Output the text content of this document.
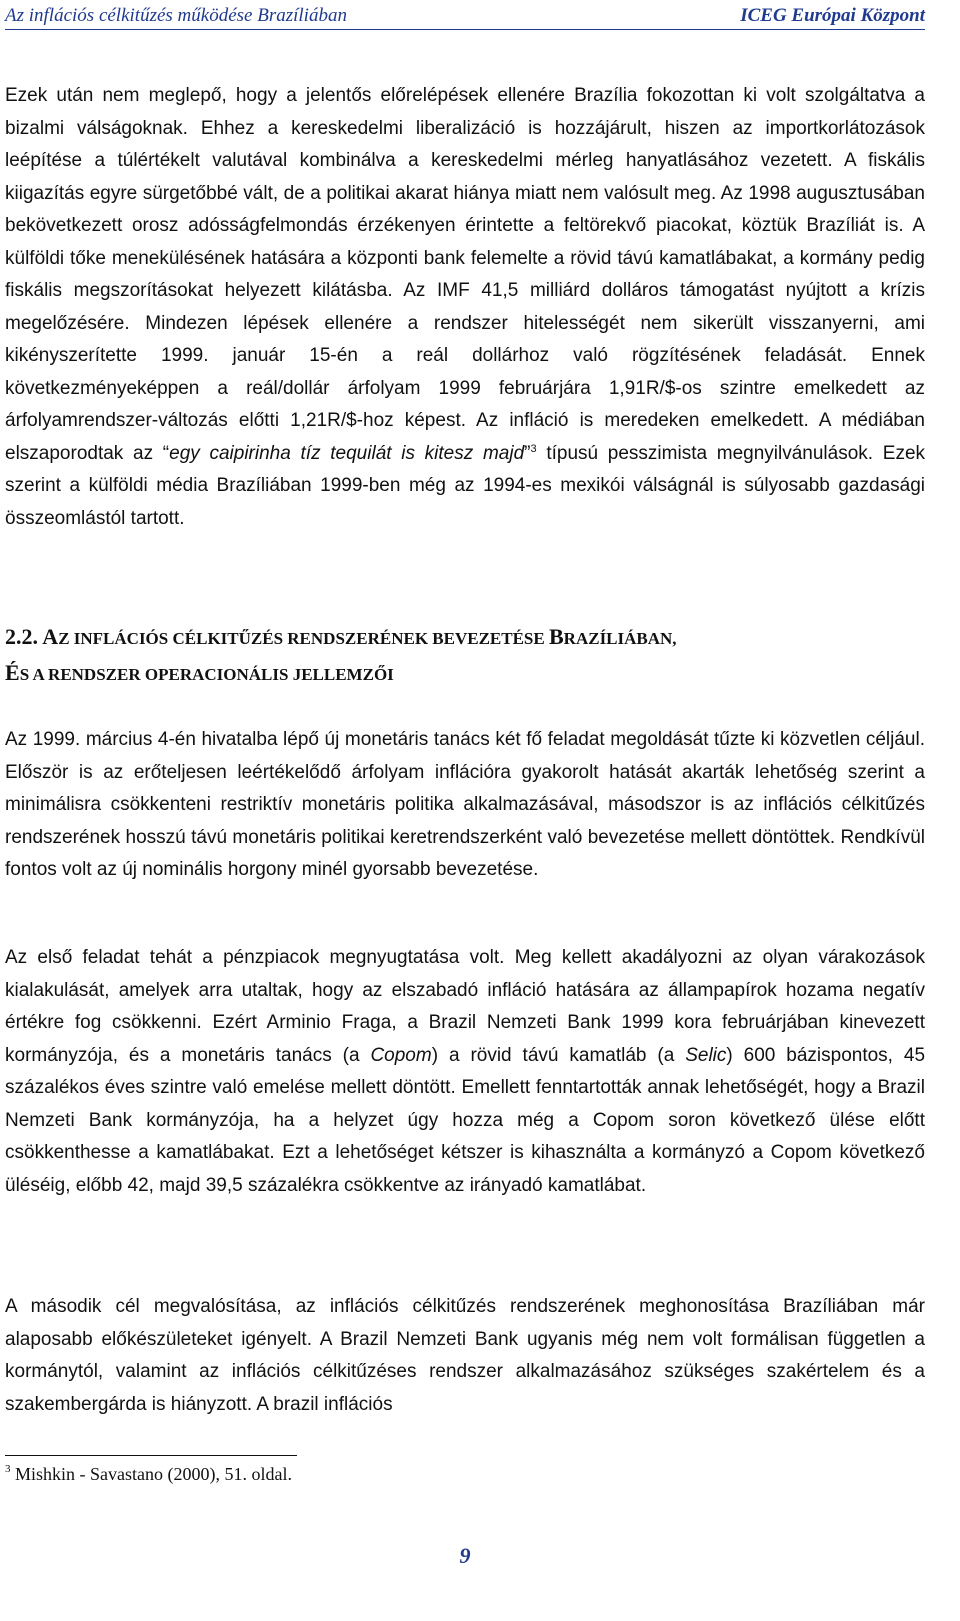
Az inflációs célkitűzés működése Brazíliában	ICEG Európai Központ

Ezek után nem meglepő, hogy a jelentős előrelépések ellenére Brazília fokozottan ki volt szolgáltatva a bizalmi válságoknak. Ehhez a kereskedelmi liberalizáció is hozzájárult, hiszen az importkorlátozások leépítése a túlértékelt valutával kombinálva a kereskedelmi mérleg hanyatlásához vezetett. A fiskális kiigazítás egyre sürgetőbbé vált, de a politikai akarat hiánya miatt nem valósult meg. Az 1998 augusztusában bekövetkezett orosz adósságfelmondás érzékenyen érintette a feltörekvő piacokat, köztük Brazíliát is. A külföldi tőke menekülésének hatására a központi bank felemelte a rövid távú kamatlábakat, a kormány pedig fiskális megszorításokat helyezett kilátásba. Az IMF 41,5 milliárd dolláros támogatást nyújtott a krízis megelőzésére. Mindezen lépések ellenére a rendszer hitelességét nem sikerült visszanyerni, ami kikényszerítette 1999. január 15-én a reál dollárhoz való rögzítésének feladását. Ennek következményeképpen a reál/dollár árfolyam 1999 februárjára 1,91R/$-os szintre emelkedett az árfolyamrendszer-változás előtti 1,21R/$-hoz képest. Az infláció is meredeken emelkedett. A médiában elszaporodtak az “egy caipirinha tíz tequilát is kitesz majd”$^3$ típusú pesszimista megnyilvánulások. Ezek szerint a külföldi média Brazíliában 1999-ben még az 1994-es mexikói válságnál is súlyosabb gazdasági összeomlástól tartott.

2.2. AZ INFLÁCIÓS CÉLKITŰZÉS RENDSZERÉNEK BEVEZETÉSE BRAZÍLIÁBAN,
ÉS A RENDSZER OPERACIONÁLIS JELLEMZŐI

Az 1999. március 4-én hivatalba lépő új monetáris tanács két fő feladat megoldását tűzte ki közvetlen céljául. Először is az erőteljesen leértékelődő árfolyam inflációra gyakorolt hatását akarták lehetőség szerint a minimálisra csökkenteni restriktív monetáris politika alkalmazásával, másodszor is az inflációs célkitűzés rendszerének hosszú távú monetáris politikai keretrendszerként való bevezetése mellett döntöttek. Rendkívül fontos volt az új nominális horgony minél gyorsabb bevezetése.

Az első feladat tehát a pénzpiacok megnyugtatása volt. Meg kellett akadályozni az olyan várakozások kialakulását, amelyek arra utaltak, hogy az elszabadó infláció hatására az állampapírok hozama negatív értékre fog csökkenni. Ezért Arminio Fraga, a Brazil Nemzeti Bank 1999 kora februárjában kinevezett kormányzója, és a monetáris tanács (a Copom) a rövid távú kamatláb (a Selic) 600 bázispontos, 45 százalékos éves szintre való emelése mellett döntött. Emellett fenntartották annak lehetőségét, hogy a Brazil Nemzeti Bank kormányzója, ha a helyzet úgy hozza még a Copom soron következő ülése előtt csökkenthesse a kamatlábakat. Ezt a lehetőséget kétszer is kihasználta a kormányzó a Copom következő üléséig, előbb 42, majd 39,5 százalékra csökkentve az irányadó kamatlábat.

A második cél megvalósítása, az inflációs célkitűzés rendszerének meghonosítása Brazíliában már alaposabb előkészületeket igényelt. A Brazil Nemzeti Bank ugyanis még nem volt formálisan független a kormánytól, valamint az inflációs célkitűzéses rendszer alkalmazásához szükséges szakértelem és a szakembergárda is hiányzott. A brazil inflációs

$^3$ Mishkin - Savastano (2000), 51. oldal.

9
